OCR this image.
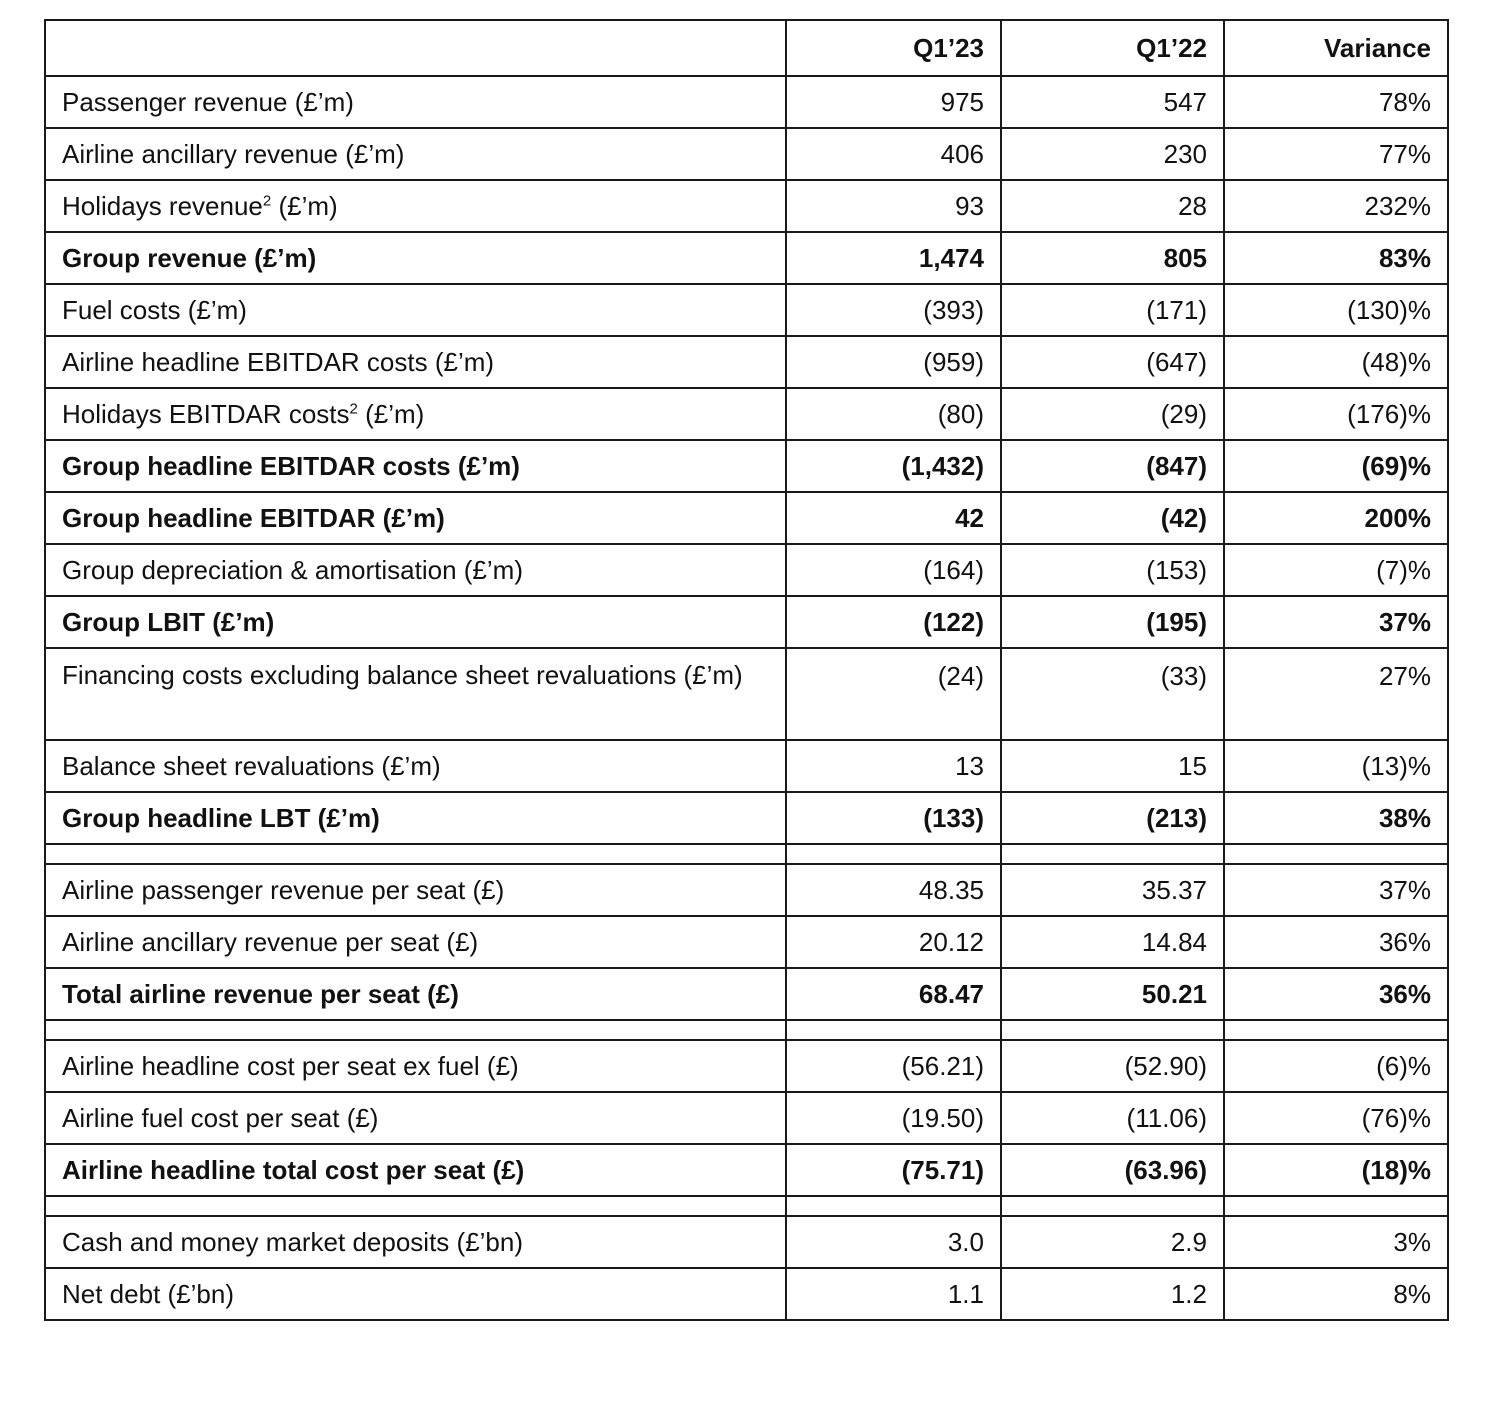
	Q1’23	Q1’22	Variance
Passenger revenue (£’m)	975	547	78%
Airline ancillary revenue (£’m)	406	230	77%
Holidays revenue$^2$ (£’m)	93	28	232%
Group revenue (£’m)	1,474	805	83%
Fuel costs (£’m)	(393)	(171)	(130)%
Airline headline EBITDAR costs (£’m)	(959)	(647)	(48)%
Holidays EBITDAR costs$^2$ (£’m)	(80)	(29)	(176)%
Group headline EBITDAR costs (£’m)	(1,432)	(847)	(69)%
Group headline EBITDAR (£’m)	42	(42)	200%
Group depreciation & amortisation (£’m)	(164)	(153)	(7)%
Group LBIT (£’m)	(122)	(195)	37%
Financing costs excluding balance sheet revaluations (£’m)	(24)	(33)	27%
Balance sheet revaluations (£’m)	13	15	(13)%
Group headline LBT (£’m)	(133)	(213)	38%

Airline passenger revenue per seat (£)	48.35	35.37	37%
Airline ancillary revenue per seat (£)	20.12	14.84	36%
Total airline revenue per seat (£)	68.47	50.21	36%

Airline headline cost per seat ex fuel (£)	(56.21)	(52.90)	(6)%
Airline fuel cost per seat (£)	(19.50)	(11.06)	(76)%
Airline headline total cost per seat (£)	(75.71)	(63.96)	(18)%

Cash and money market deposits (£’bn)	3.0	2.9	3%
Net debt (£’bn)	1.1	1.2	8%
